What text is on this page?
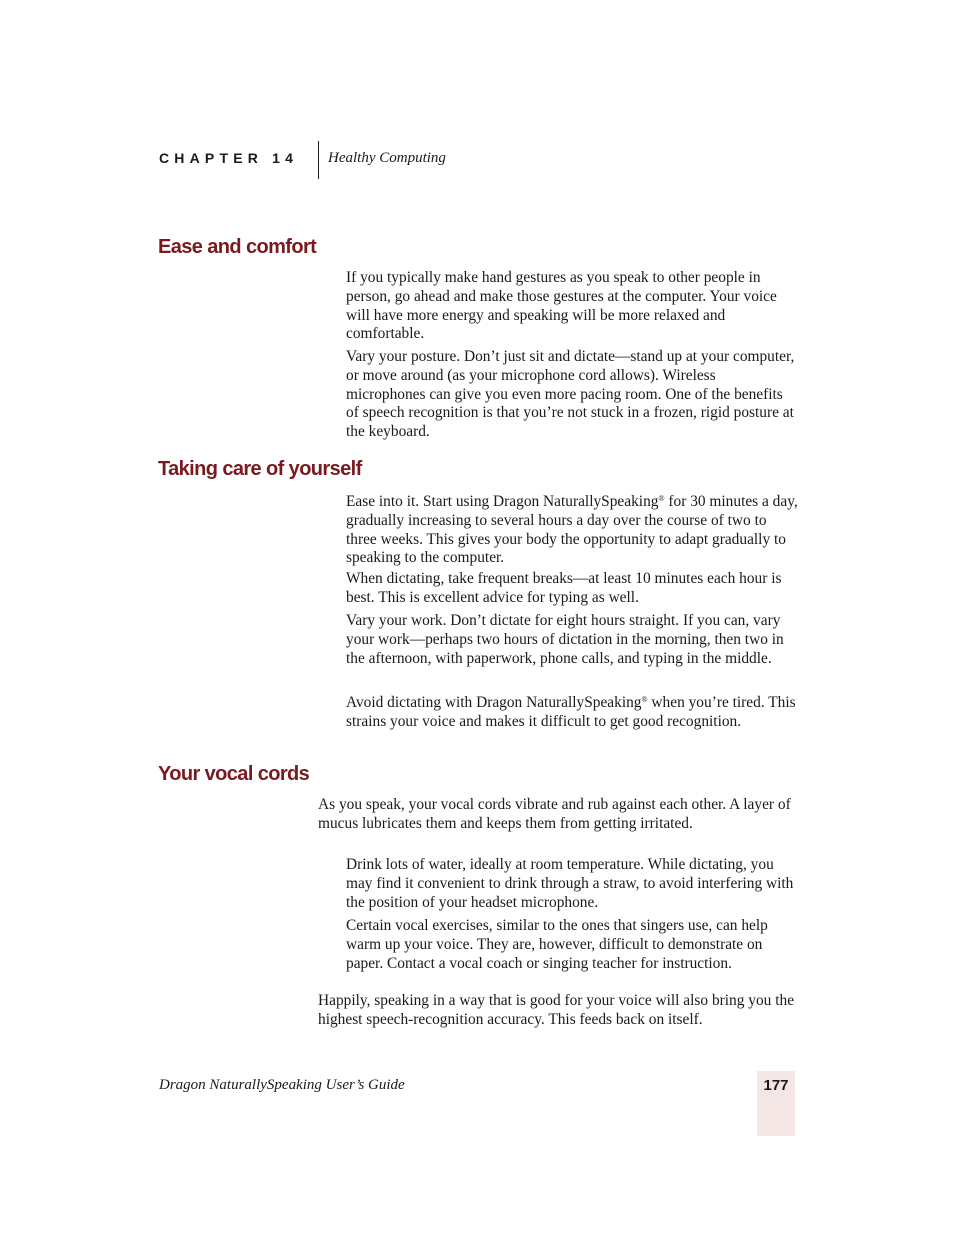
CHAPTER 14 Healthy Computing
Ease and comfort

If you typically make hand gestures as you speak to other people in person, go ahead and make those gestures at the computer. Your voice will have more energy and speaking will be more relaxed and comfortable.

Vary your posture. Don’t just sit and dictate—stand up at your computer, or move around (as your microphone cord allows). Wireless microphones can give you even more pacing room. One of the benefits of speech recognition is that you’re not stuck in a frozen, rigid posture at the keyboard.

Taking care of yourself

Ease into it. Start using Dragon NaturallySpeaking® for 30 minutes a day, gradually increasing to several hours a day over the course of two to three weeks. This gives your body the opportunity to adapt gradually to speaking to the computer.

When dictating, take frequent breaks—at least 10 minutes each hour is best. This is excellent advice for typing as well.

Vary your work. Don’t dictate for eight hours straight. If you can, vary your work—perhaps two hours of dictation in the morning, then two in the afternoon, with paperwork, phone calls, and typing in the middle.

Avoid dictating with Dragon NaturallySpeaking® when you’re tired. This strains your voice and makes it difficult to get good recognition.

Your vocal cords

As you speak, your vocal cords vibrate and rub against each other. A layer of mucus lubricates them and keeps them from getting irritated.

Drink lots of water, ideally at room temperature. While dictating, you may find it convenient to drink through a straw, to avoid interfering with the position of your headset microphone.

Certain vocal exercises, similar to the ones that singers use, can help warm up your voice. They are, however, difficult to demonstrate on paper. Contact a vocal coach or singing teacher for instruction.

Happily, speaking in a way that is good for your voice will also bring you the highest speech-recognition accuracy. This feeds back on itself.

Dragon NaturallySpeaking User’s Guide	177
